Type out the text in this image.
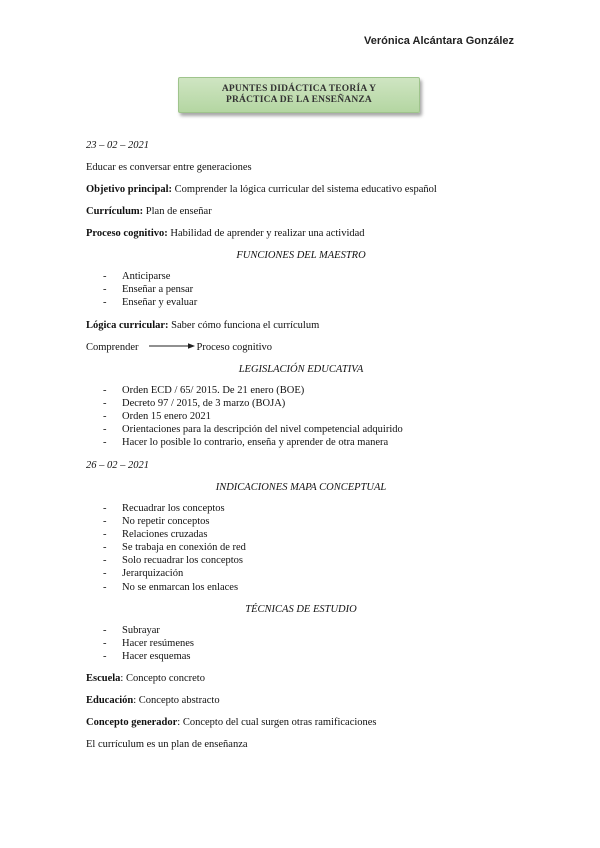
Verónica Alcántara González
APUNTES DIDÁCTICA TEORÍA Y
PRÁCTICA DE LA ENSEÑANZA
23 – 02 – 2021
Educar es conversar entre generaciones
Objetivo principal: Comprender la lógica curricular del sistema educativo español
Currículum: Plan de enseñar
Proceso cognitivo: Habilidad de aprender y realizar una actividad
FUNCIONES DEL MAESTRO
- Anticiparse
- Enseñar a pensar
- Enseñar y evaluar
Lógica curricular: Saber cómo funciona el currículum
Comprender	Proceso cognitivo
LEGISLACIÓN EDUCATIVA
- Orden ECD / 65/ 2015. De 21 enero (BOE)
- Decreto 97 / 2015, de 3 marzo (BOJA)
- Orden 15 enero 2021
- Orientaciones para la descripción del nivel competencial adquirido
- Hacer lo posible lo contrario, enseña y aprender de otra manera
26 – 02 – 2021
INDICACIONES MAPA CONCEPTUAL
- Recuadrar los conceptos
- No repetir conceptos
- Relaciones cruzadas
- Se trabaja en conexión de red
- Solo recuadrar los conceptos
- Jerarquización
- No se enmarcan los enlaces
TÉCNICAS DE ESTUDIO
- Subrayar
- Hacer resúmenes
- Hacer esquemas
Escuela: Concepto concreto
Educación: Concepto abstracto
Concepto generador: Concepto del cual surgen otras ramificaciones
El currículum es un plan de enseñanza
